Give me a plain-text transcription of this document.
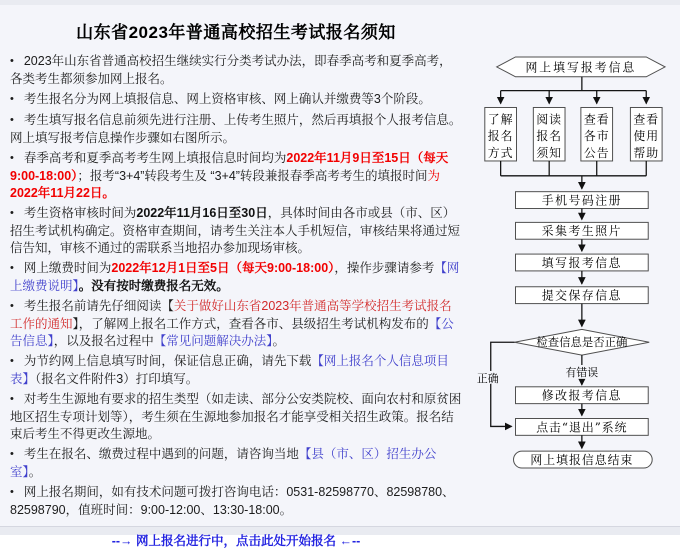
山东省2023年普通高校招生考试报名须知
• 2023年山东省普通高校招生继续实行分类考试办法，即春季高考和夏季高考，各类考生都须参加网上报名。
• 考生报名分为网上填报信息、网上资格审核、网上确认并缴费等3个阶段。
• 考生填写报名信息前须先进行注册、上传考生照片，然后再填报个人报考信息。网上填写报考信息操作步骤如右图所示。
• 春季高考和夏季高考考生网上填报信息时间均为2022年11月9日至15日（每天9:00-18:00）；报考“3+4”转段考生及 “3+4”转段兼报春季高考考生的填报时间为2022年11月22日。
• 考生资格审核时间为2022年11月16日至30日，具体时间由各市或县（市、区）招生考试机构确定。资格审查期间，请考生关注本人手机短信，审核结果将通过短信告知，审核不通过的需联系当地招办参加现场审核。
• 网上缴费时间为2022年12月1日至5日（每天9:00-18:00），操作步骤请参考【网上缴费说明】。没有按时缴费报名无效。
• 考生报名前请先仔细阅读【关于做好山东省2023年普通高等学校招生考试报名工作的通知】，了解网上报名工作方式，查看各市、县级招生考试机构发布的【公告信息】，以及报名过程中【常见问题解决办法】。
• 为节约网上信息填写时间，保证信息正确，请先下载【网上报名个人信息项目表】（报名文件附件3）打印填写。
• 对考生生源地有要求的招生类型（如走读、部分公安类院校、面向农村和原贫困地区招生专项计划等），考生须在生源地参加报名才能享受相关招生政策。报名结束后考生不得更改生源地。
• 考生在报名、缴费过程中遇到的问题，请咨询当地【县（市、区）招生办公室】。
• 网上报名期间，如有技术问题可拨打咨询电话：0531-82598770、82598780、82598790，值班时间：9:00-12:00、13:30-18:00。
--→ 网上报名进行中，点击此处开始报名 ←--
网上填写报考信息
了解
报名
方式
阅读
报名
须知
查看
各市
公告
查看
使用
帮助
手机号码注册
采集考生照片
填写报考信息
提交保存信息
检查信息是否正确
有错误
正确
修改报考信息
点击“退出”系统
网上填报信息结束
